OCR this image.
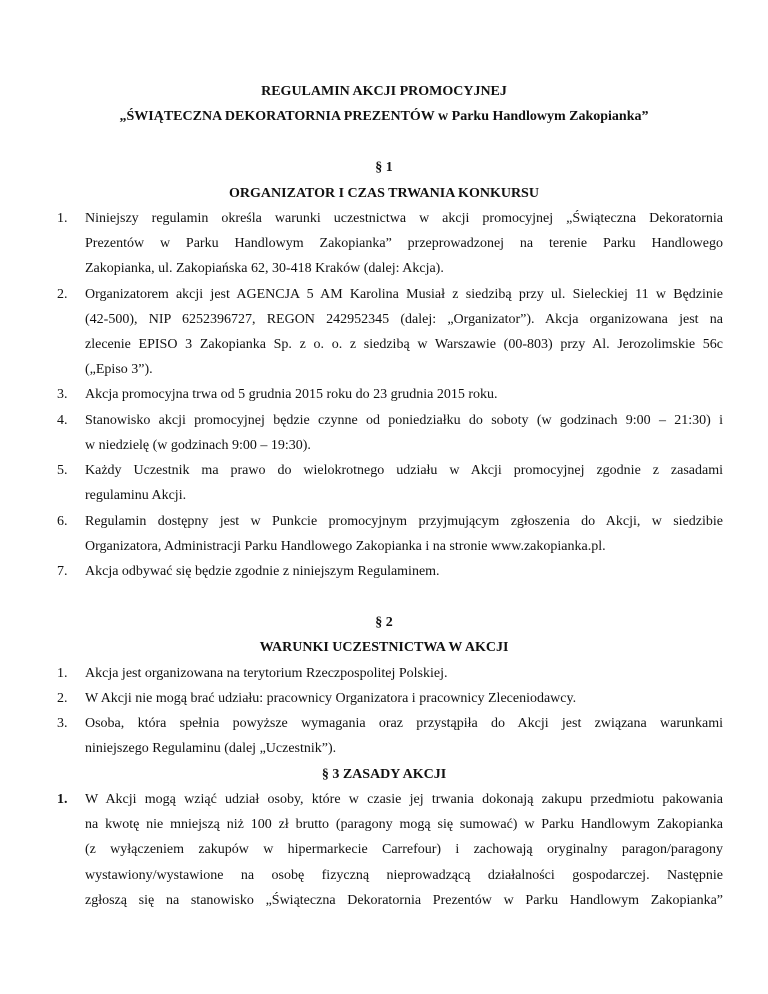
REGULAMIN AKCJI PROMOCYJNEJ
„ŚWIĄTECZNA DEKORATORNIA PREZENTÓW w Parku Handlowym Zakopianka”
§ 1
ORGANIZATOR I CZAS TRWANIA KONKURSU
1. Niniejszy regulamin określa warunki uczestnictwa w akcji promocyjnej „Świąteczna Dekoratornia
Prezentów w Parku Handlowym Zakopianka” przeprowadzonej na terenie Parku Handlowego
Zakopianka, ul. Zakopiańska 62, 30-418 Kraków (dalej: Akcja).
2. Organizatorem akcji jest AGENCJA 5 AM Karolina Musiał z siedzibą przy ul. Sieleckiej 11 w Będzinie
(42-500), NIP 6252396727, REGON 242952345 (dalej: „Organizator”). Akcja organizowana jest na
zlecenie EPISO 3 Zakopianka Sp. z o. o. z siedzibą w Warszawie (00-803) przy Al. Jerozolimskie 56c
(„Episo 3”).
3. Akcja promocyjna trwa od 5 grudnia 2015 roku do 23 grudnia 2015 roku.
4. Stanowisko akcji promocyjnej będzie czynne od poniedziałku do soboty (w godzinach 9:00 – 21:30) i
w niedzielę (w godzinach 9:00 – 19:30).
5. Każdy Uczestnik ma prawo do wielokrotnego udziału w Akcji promocyjnej zgodnie z zasadami
regulaminu Akcji.
6. Regulamin dostępny jest w Punkcie promocyjnym przyjmującym zgłoszenia do Akcji, w siedzibie
Organizatora, Administracji Parku Handlowego Zakopianka i na stronie www.zakopianka.pl.
7. Akcja odbywać się będzie zgodnie z niniejszym Regulaminem.
§ 2
WARUNKI UCZESTNICTWA W AKCJI
1. Akcja jest organizowana na terytorium Rzeczpospolitej Polskiej.
2. W Akcji nie mogą brać udziału: pracownicy Organizatora i pracownicy Zleceniodawcy.
3. Osoba, która spełnia powyższe wymagania oraz przystąpiła do Akcji jest związana warunkami
niniejszego Regulaminu (dalej „Uczestnik”).
§ 3 ZASADY AKCJI
1. W Akcji mogą wziąć udział osoby, które w czasie jej trwania dokonają zakupu przedmiotu pakowania
na kwotę nie mniejszą niż 100 zł brutto (paragony mogą się sumować) w Parku Handlowym Zakopianka
(z wyłączeniem zakupów w hipermarkecie Carrefour) i zachowają oryginalny paragon/paragony
wystawiony/wystawione na osobę fizyczną nieprowadzącą działalności gospodarczej. Następnie
zgłoszą się na stanowisko „Świąteczna Dekoratornia Prezentów w Parku Handlowym Zakopianka”
